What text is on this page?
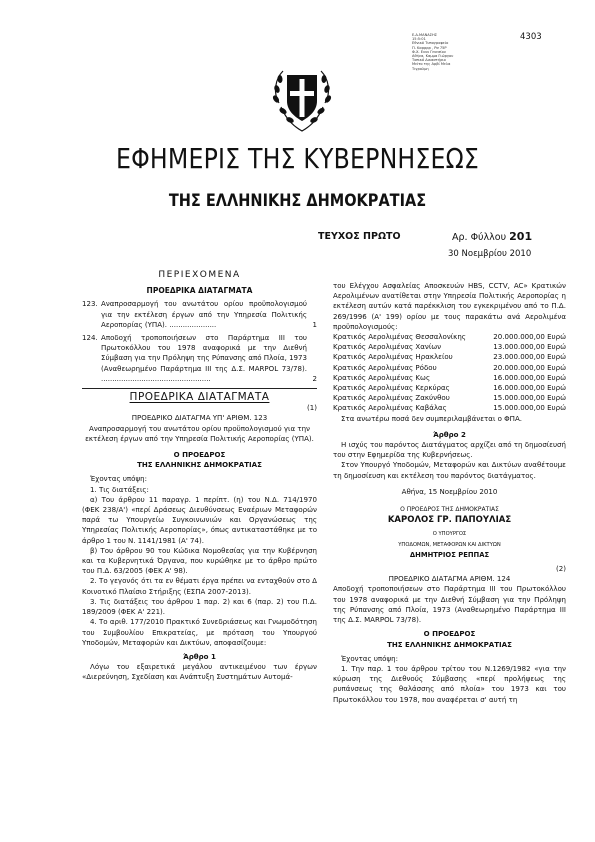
Ε.Δ.ΜΑΝΑΣΗΣ
15:5:01
Εθνικό Τυπογραφείο
Π. Καρρρρ , Ρσ 75Ρ
Φ.Χ. Ευνν Γενεσίου
Αθήνα, Καμμα Γιώργου
Τοπικό Δικαστήριο
Μείτο της Αρβί Μελα
Τιγρολμη
4303
ΕΦΗΜΕΡΙΣ ΤΗΣ ΚΥΒΕΡΝΗΣΕΩΣ
ΤΗΣ ΕΛΛΗΝΙΚΗΣ ΔΗΜΟΚΡΑΤΙΑΣ
ΤΕΥΧΟΣ ΠΡΩΤΟ	Αρ. Φύλλου 201
30 Νοεμβρίου 2010
ΠΕΡΙΕΧΟΜΕΝΑ
ΠΡΟΕΔΡΙΚΑ ΔΙΑΤΑΓΜΑΤΑ
123. Αναπροσαρμογή του ανωτάτου ορίου προϋπολογισμού για την εκτέλεση έργων από την Υπηρεσία Πολιτικής Αεροπορίας (ΥΠΑ). .....................	1
124. Αποδοχή τροποποιήσεων στο Παράρτημα ΙΙΙ του Πρωτοκόλλου του 1978 αναφορικά με την Διεθνή Σύμβαση για την Πρόληψη της Ρύπανσης από Πλοία, 1973 (Αναθεωρημένο Παράρτημα ΙΙΙ της Δ.Σ. MARPOL 73/78). .................................................	2
ΠΡΟΕΔΡΙΚΑ ΔΙΑΤΑΓΜΑΤΑ
(1)
ΠΡΟΕΔΡΙΚΟ ΔΙΑΤΑΓΜΑ ΥΠ' ΑΡΙΘΜ. 123
Αναπροσαρμογή του ανωτάτου ορίου προϋπολογισμού για την εκτέλεση έργων από την Υπηρεσία Πολιτικής Αεροπορίας (ΥΠΑ).
Ο ΠΡΟΕΔΡΟΣ
ΤΗΣ ΕΛΛΗΝΙΚΗΣ ΔΗΜΟΚΡΑΤΙΑΣ
Έχοντας υπόψη:
1. Τις διατάξεις:
α) Του άρθρου 11 παραγρ. 1 περίπτ. (η) του Ν.Δ. 714/1970 (ΦΕΚ 238/Α') «περί Δράσεως Διευθύνσεως Εναέριων Μεταφορών παρά τω Υπουργείω Συγκοινωνιών και Οργανώσεως της Υπηρεσίας Πολιτικής Αεροπορίας», όπως αντικαταστάθηκε με το άρθρο 1 του Ν. 1141/1981 (Α' 74).
β) Του άρθρου 90 του Κώδικα Νομοθεσίας για την Κυβέρνηση και τα Κυβερνητικά Όργανα, που κυρώθηκε με το άρθρο πρώτο του Π.Δ. 63/2005 (ΦΕΚ Α' 98).
2. Το γεγονός ότι τα εν θέματι έργα πρέπει να ενταχθούν στο Δ Κοινοτικό Πλαίσιο Στήριξης (ΕΣΠΑ 2007-2013).
3. Τις διατάξεις του άρθρου 1 παρ. 2) και 6 (παρ. 2) του Π.Δ. 189/2009 (ΦΕΚ Α' 221).
4. Το αριθ. 177/2010 Πρακτικό Συνεδριάσεως και Γνωμοδότηση του Συμβουλίου Επικρατείας, με πρόταση του Υπουργού Υποδομών, Μεταφορών και Δικτύων, αποφασίζουμε:
Άρθρο 1
Λόγω του εξαιρετικά μεγάλου αντικειμένου των έργων «Διερεύνηση, Σχεδίαση και Ανάπτυξη Συστημάτων Αυτομά-
του Ελέγχου Ασφαλείας Αποσκευών HBS, CCTV, AC» Κρατικών Αερολιμένων ανατίθεται στην Υπηρεσία Πολιτικής Αεροπορίας η εκτέλεση αυτών κατά παρέκκλιση του εγκεκριμένου από το Π.Δ. 269/1996 (Α' 199) ορίου με τους παρακάτω ανά Αερολιμένα προϋπολογισμούς:
Κρατικός Αερολιμένας Θεσσαλονίκης	20.000.000,00 Ευρώ
Κρατικός Αερολιμένας Χανίων	13.000.000,00 Ευρώ
Κρατικός Αερολιμένας Ηρακλείου	23.000.000,00 Ευρώ
Κρατικός Αερολιμένας Ρόδου	20.000.000,00 Ευρώ
Κρατικός Αερολιμένας Κως	16.000.000,00 Ευρώ
Κρατικός Αερολιμένας Κερκύρας	16.000.000,00 Ευρώ
Κρατικός Αερολιμένας Ζακύνθου	15.000.000,00 Ευρώ
Κρατικός Αερολιμένας Καβάλας	15.000.000,00 Ευρώ
Στα ανωτέρω ποσά δεν συμπεριλαμβάνεται ο ΦΠΑ.
Άρθρο 2
Η ισχύς του παρόντος Διατάγματος αρχίζει από τη δημοσίευσή του στην Εφημερίδα της Κυβερνήσεως.
Στον Υπουργό Υποδομών, Μεταφορών και Δικτύων αναθέτουμε τη δημοσίευση και εκτέλεση του παρόντος διατάγματος.
Αθήνα, 15 Νοεμβρίου 2010
Ο ΠΡΟΕΔΡΟΣ ΤΗΣ ΔΗΜΟΚΡΑΤΙΑΣ
ΚΑΡΟΛΟΣ ΓΡ. ΠΑΠΟΥΛΙΑΣ
Ο ΥΠΟΥΡΓΟΣ
ΥΠΟΔΟΜΩΝ, ΜΕΤΑΦΟΡΩΝ ΚΑΙ ΔΙΚΤΥΩΝ
ΔΗΜΗΤΡΙΟΣ ΡΕΠΠΑΣ
(2)
ΠΡΟΕΔΡΙΚΟ ΔΙΑΤΑΓΜΑ ΑΡΙΘΜ. 124
Αποδοχή τροποποιήσεων στο Παράρτημα ΙΙΙ του Πρωτοκόλλου του 1978 αναφορικά με την Διεθνή Σύμβαση για την Πρόληψη της Ρύπανσης από Πλοία, 1973 (Αναθεωρημένο Παράρτημα ΙΙΙ της Δ.Σ. MARPOL 73/78).
Ο ΠΡΟΕΔΡΟΣ
ΤΗΣ ΕΛΛΗΝΙΚΗΣ ΔΗΜΟΚΡΑΤΙΑΣ
Έχοντας υπόψη:
1. Την παρ. 1 του άρθρου τρίτου του Ν.1269/1982 «για την κύρωση της Διεθνούς Σύμβασης «περί προλήψεως της ρυπάνσεως της θαλάσσης από πλοία» του 1973 και του Πρωτοκόλλου του 1978, που αναφέρεται σ' αυτή τη
